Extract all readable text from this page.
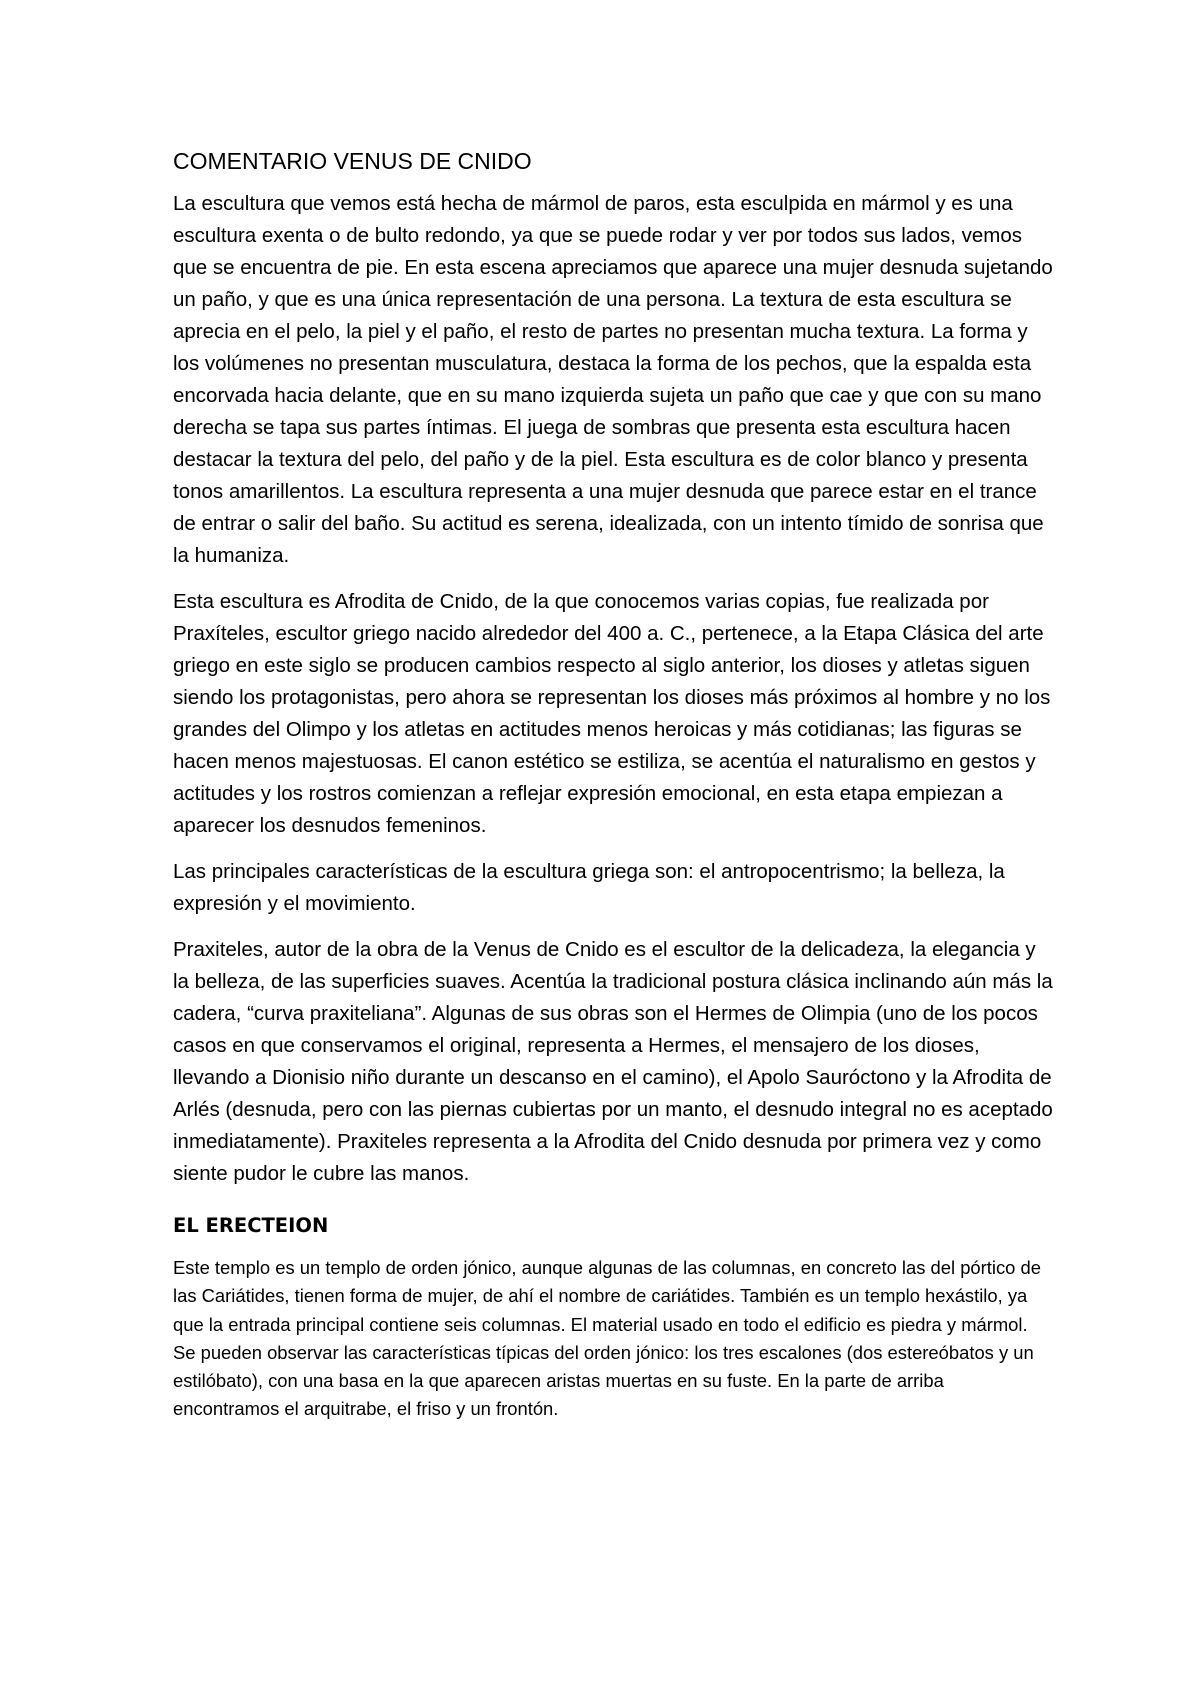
COMENTARIO VENUS DE CNIDO

La escultura que vemos está hecha de mármol de paros, esta esculpida en mármol y es una escultura exenta o de bulto redondo, ya que se puede rodar y ver por todos sus lados, vemos que se encuentra de pie. En esta escena apreciamos que aparece una mujer desnuda sujetando un paño, y que es una única representación de una persona. La textura de esta escultura se aprecia en el pelo, la piel y el paño, el resto de partes no presentan mucha textura. La forma y los volúmenes no presentan musculatura, destaca la forma de los pechos, que la espalda esta encorvada hacia delante, que en su mano izquierda sujeta un paño que cae y que con su mano derecha se tapa sus partes íntimas. El juega de sombras que presenta esta escultura hacen destacar la textura del pelo, del paño y de la piel. Esta escultura es de color blanco y presenta tonos amarillentos. La escultura representa a una mujer desnuda que parece estar en el trance de entrar o salir del baño. Su actitud es serena, idealizada, con un intento tímido de sonrisa que la humaniza.

Esta escultura es Afrodita de Cnido, de la que conocemos varias copias, fue realizada por Praxíteles, escultor griego nacido alrededor del 400 a. C., pertenece, a la Etapa Clásica del arte griego en este siglo se producen cambios respecto al siglo anterior, los dioses y atletas siguen siendo los protagonistas, pero ahora se representan los dioses más próximos al hombre y no los grandes del Olimpo y los atletas en actitudes menos heroicas y más cotidianas; las figuras se hacen menos majestuosas. El canon estético se estiliza, se acentúa el naturalismo en gestos y actitudes y los rostros comienzan a reflejar expresión emocional, en esta etapa empiezan a aparecer los desnudos femeninos.

Las principales características de la escultura griega son: el antropocentrismo; la belleza, la expresión y el movimiento.

Praxiteles, autor de la obra de la Venus de Cnido es el escultor de la delicadeza, la elegancia y la belleza, de las superficies suaves. Acentúa la tradicional postura clásica inclinando aún más la cadera, “curva praxiteliana”. Algunas de sus obras son el Hermes de Olimpia (uno de los pocos casos en que conservamos el original, representa a Hermes, el mensajero de los dioses, llevando a Dionisio niño durante un descanso en el camino), el Apolo Sauróctono y la Afrodita de Arlés (desnuda, pero con las piernas cubiertas por un manto, el desnudo integral no es aceptado inmediatamente). Praxiteles representa a la Afrodita del Cnido desnuda por primera vez y como siente pudor le cubre las manos.

EL ERECTEION

Este templo es un templo de orden jónico, aunque algunas de las columnas, en concreto las del pórtico de las Cariátides, tienen forma de mujer, de ahí el nombre de cariátides. También es un templo hexástilo, ya que la entrada principal contiene seis columnas. El material usado en todo el edificio es piedra y mármol. Se pueden observar las características típicas del orden jónico: los tres escalones (dos estereóbatos y un estilóbato), con una basa en la que aparecen aristas muertas en su fuste. En la parte de arriba encontramos el arquitrabe, el friso y un frontón.
